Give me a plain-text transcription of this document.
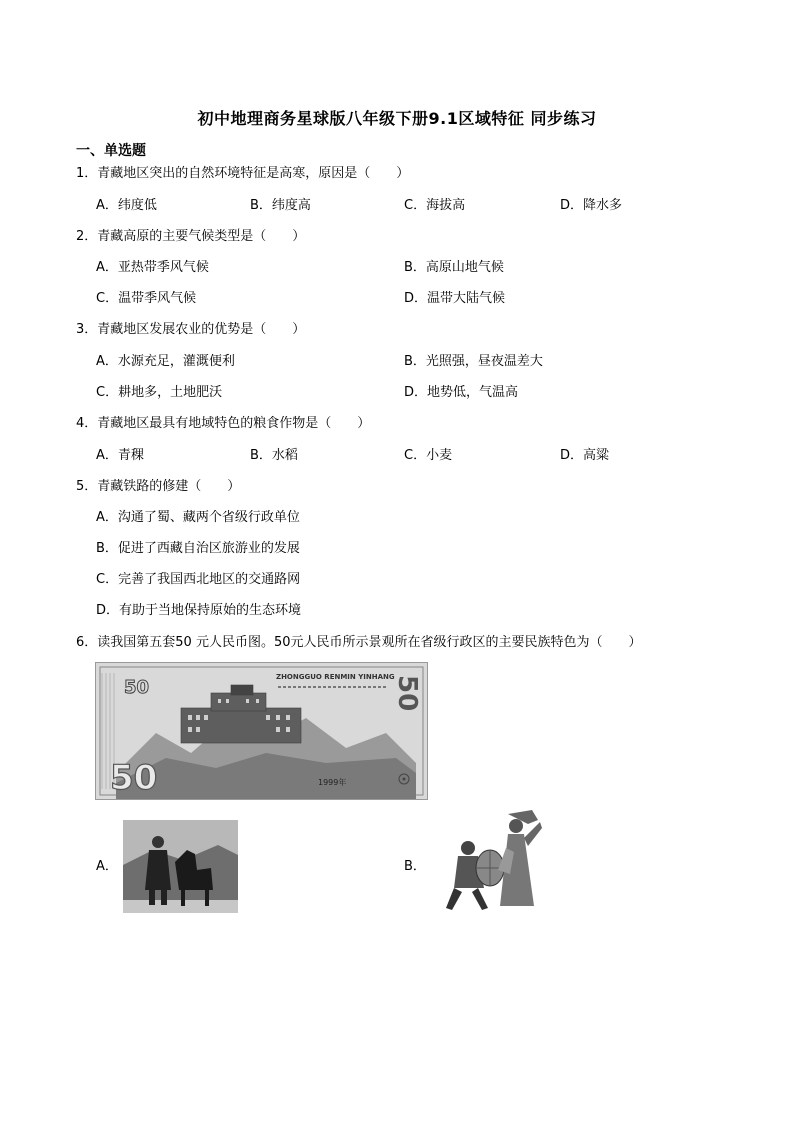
初中地理商务星球版八年级下册9.1区域特征 同步练习
一、单选题
1．青藏地区突出的自然环境特征是高寒，原因是（　　）
A．纬度低	B．纬度高	C．海拔高	D．降水多
2．青藏高原的主要气候类型是（　　）
A．亚热带季风气候	B．高原山地气候
C．温带季风气候	D．温带大陆气候
3．青藏地区发展农业的优势是（　　）
A．水源充足，灌溉便利	B．光照强，昼夜温差大
C．耕地多，土地肥沃	D．地势低，气温高
4．青藏地区最具有地域特色的粮食作物是（　　）
A．青稞	B．水稻	C．小麦	D．高粱
5．青藏铁路的修建（　　）
A．沟通了蜀、藏两个省级行政单位
B．促进了西藏自治区旅游业的发展
C．完善了我国西北地区的交通路网
D．有助于当地保持原始的生态环境
6．读我国第五套50 元人民币图。50元人民币所示景观所在省级行政区的主要民族特色为（　　）
50	ZHONGGUO RENMIN YINHANG
50
50	1999年
A．	B．
